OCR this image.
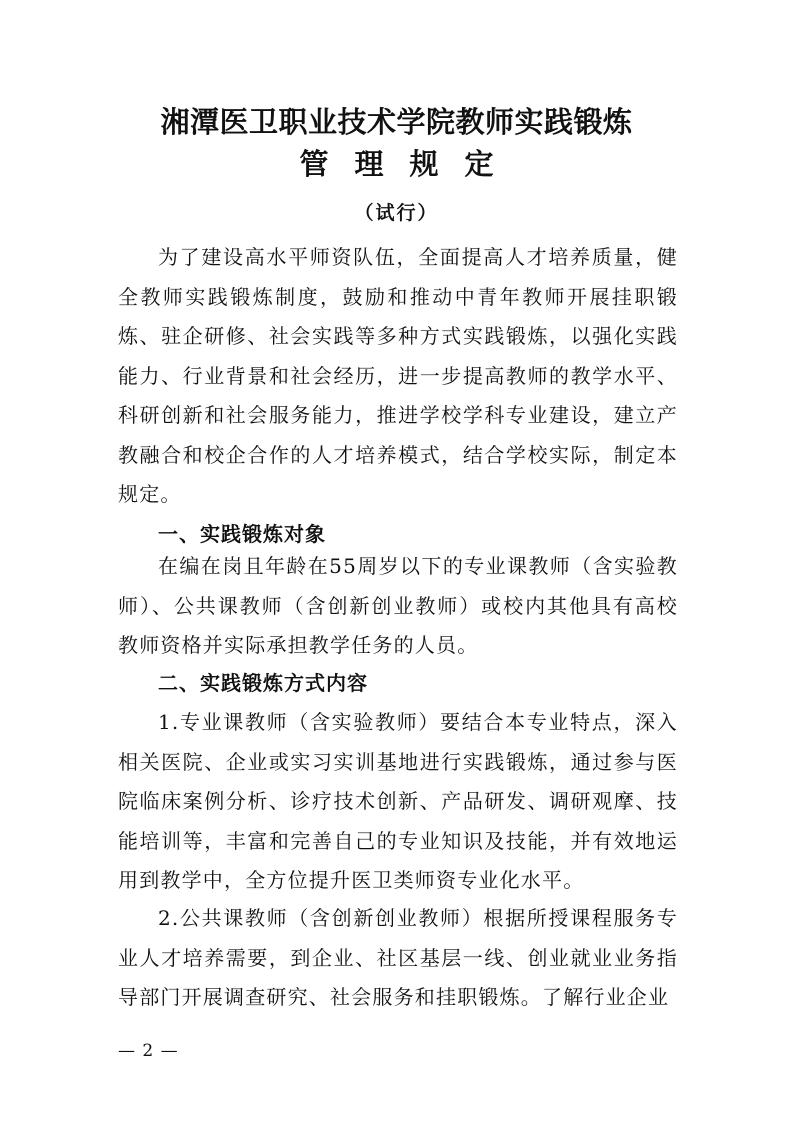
湘潭医卫职业技术学院教师实践锻炼
管理规定
（试行）

为了建设高水平师资队伍，全面提高人才培养质量，健全教师实践锻炼制度，鼓励和推动中青年教师开展挂职锻炼、驻企研修、社会实践等多种方式实践锻炼，以强化实践能力、行业背景和社会经历，进一步提高教师的教学水平、科研创新和社会服务能力，推进学校学科专业建设，建立产教融合和校企合作的人才培养模式，结合学校实际，制定本规定。

一、实践锻炼对象

在编在岗且年龄在55周岁以下的专业课教师（含实验教师）、公共课教师（含创新创业教师）或校内其他具有高校教师资格并实际承担教学任务的人员。

二、实践锻炼方式内容

1.专业课教师（含实验教师）要结合本专业特点，深入相关医院、企业或实习实训基地进行实践锻炼，通过参与医院临床案例分析、诊疗技术创新、产品研发、调研观摩、技能培训等，丰富和完善自己的专业知识及技能，并有效地运用到教学中，全方位提升医卫类师资专业化水平。

2.公共课教师（含创新创业教师）根据所授课程服务专业人才培养需要，到企业、社区基层一线、创业就业业务指导部门开展调查研究、社会服务和挂职锻炼。了解行业企业

— 2 —
